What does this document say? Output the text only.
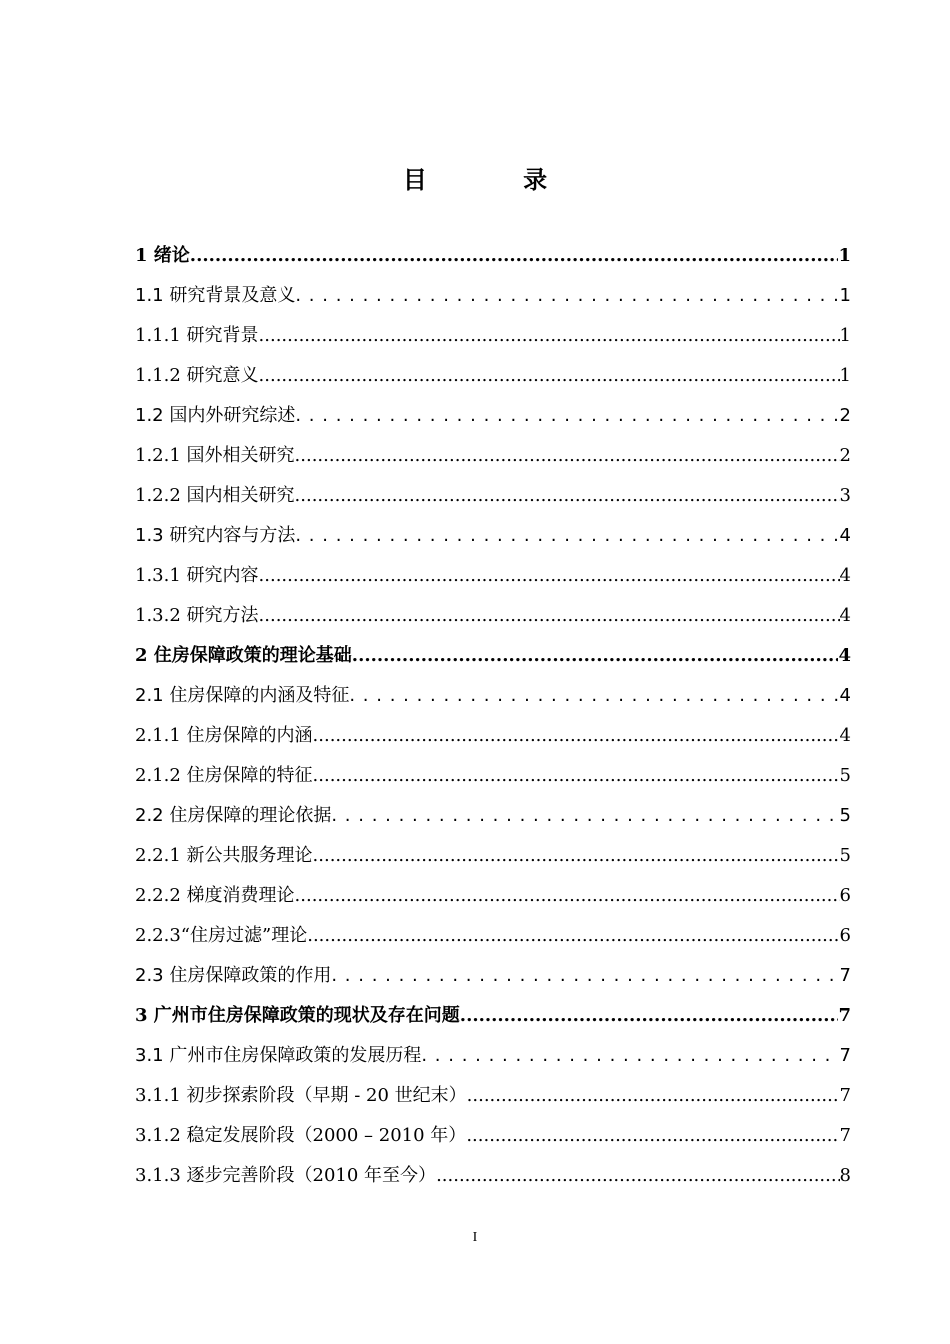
目 录
1 绪论 .....	1
1.1 研究背景及意义 . . .	1
1.1.1 研究背景 .....	1
1.1.2 研究意义 .....	1
1.2 国内外研究综述 . . .	2
1.2.1 国外相关研究 .....	2
1.2.2 国内相关研究 .....	3
1.3 研究内容与方法 . . .	4
1.3.1 研究内容 .....	4
1.3.2 研究方法 .....	4
2 住房保障政策的理论基础 .....	4
2.1 住房保障的内涵及特征 . . .	4
2.1.1 住房保障的内涵 .....	4
2.1.2 住房保障的特征 .....	5
2.2 住房保障的理论依据 . . .	5
2.2.1 新公共服务理论 .....	5
2.2.2 梯度消费理论 .....	6
2.2.3“住房过滤”理论 .....	6
2.3 住房保障政策的作用 . . .	7
3 广州市住房保障政策的现状及存在问题 .....	7
3.1 广州市住房保障政策的发展历程 . . .	7
3.1.1 初步探索阶段（早期 - 20 世纪末） .....	7
3.1.2 稳定发展阶段（2000 – 2010 年） .....	7
3.1.3 逐步完善阶段（2010 年至今） .....	8
I
